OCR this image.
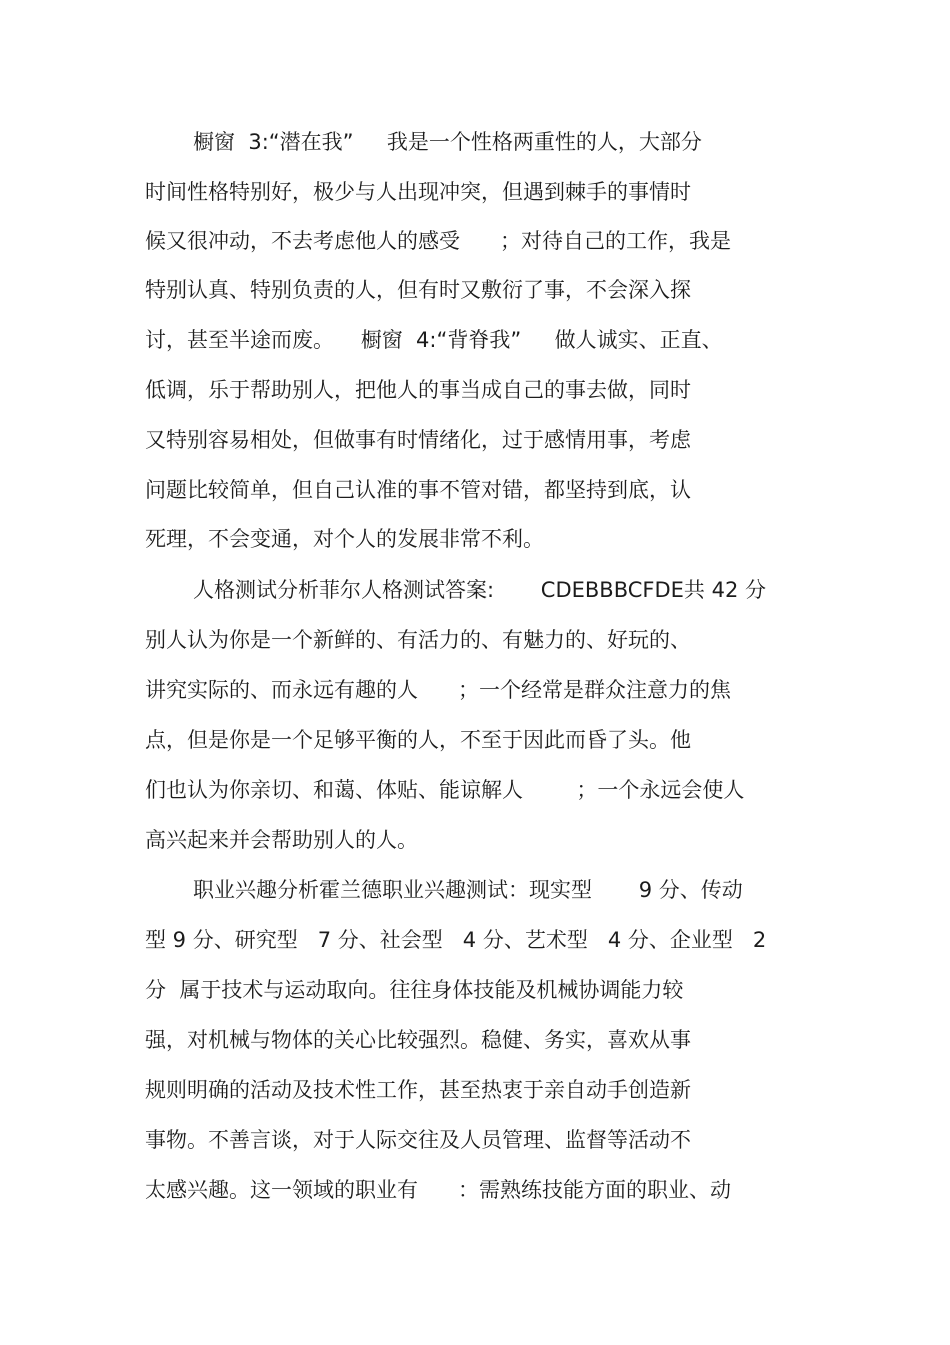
橱窗  3:“潜在我”     我是一个性格两重性的人，大部分
时间性格特别好，极少与人出现冲突，但遇到棘手的事情时
候又很冲动，不去考虑他人的感受      ；对待自己的工作，我是
特别认真、特别负责的人，但有时又敷衍了事，不会深入探
讨，甚至半途而废。    橱窗  4:“背脊我”     做人诚实、正直、
低调，乐于帮助别人，把他人的事当成自己的事去做，同时
又特别容易相处，但做事有时情绪化，过于感情用事，考虑
问题比较简单，但自己认准的事不管对错，都坚持到底，认
死理，不会变通，对个人的发展非常不利。
人格测试分析菲尔人格测试答案:       CDEBBBCFDE共 42 分
别人认为你是一个新鲜的、有活力的、有魅力的、好玩的、
讲究实际的、而永远有趣的人      ；一个经常是群众注意力的焦
点，但是你是一个足够平衡的人，不至于因此而昏了头。他
们也认为你亲切、和蔼、体贴、能谅解人        ；一个永远会使人
高兴起来并会帮助别人的人。
职业兴趣分析霍兰德职业兴趣测试：现实型       9 分、传动
型 9 分、研究型   7 分、社会型   4 分、艺术型   4 分、企业型   2
分  属于技术与运动取向。往往身体技能及机械协调能力较
强，对机械与物体的关心比较强烈。稳健、务实，喜欢从事
规则明确的活动及技术性工作，甚至热衷于亲自动手创造新
事物。不善言谈，对于人际交往及人员管理、监督等活动不
太感兴趣。这一领域的职业有      ：需熟练技能方面的职业、动
